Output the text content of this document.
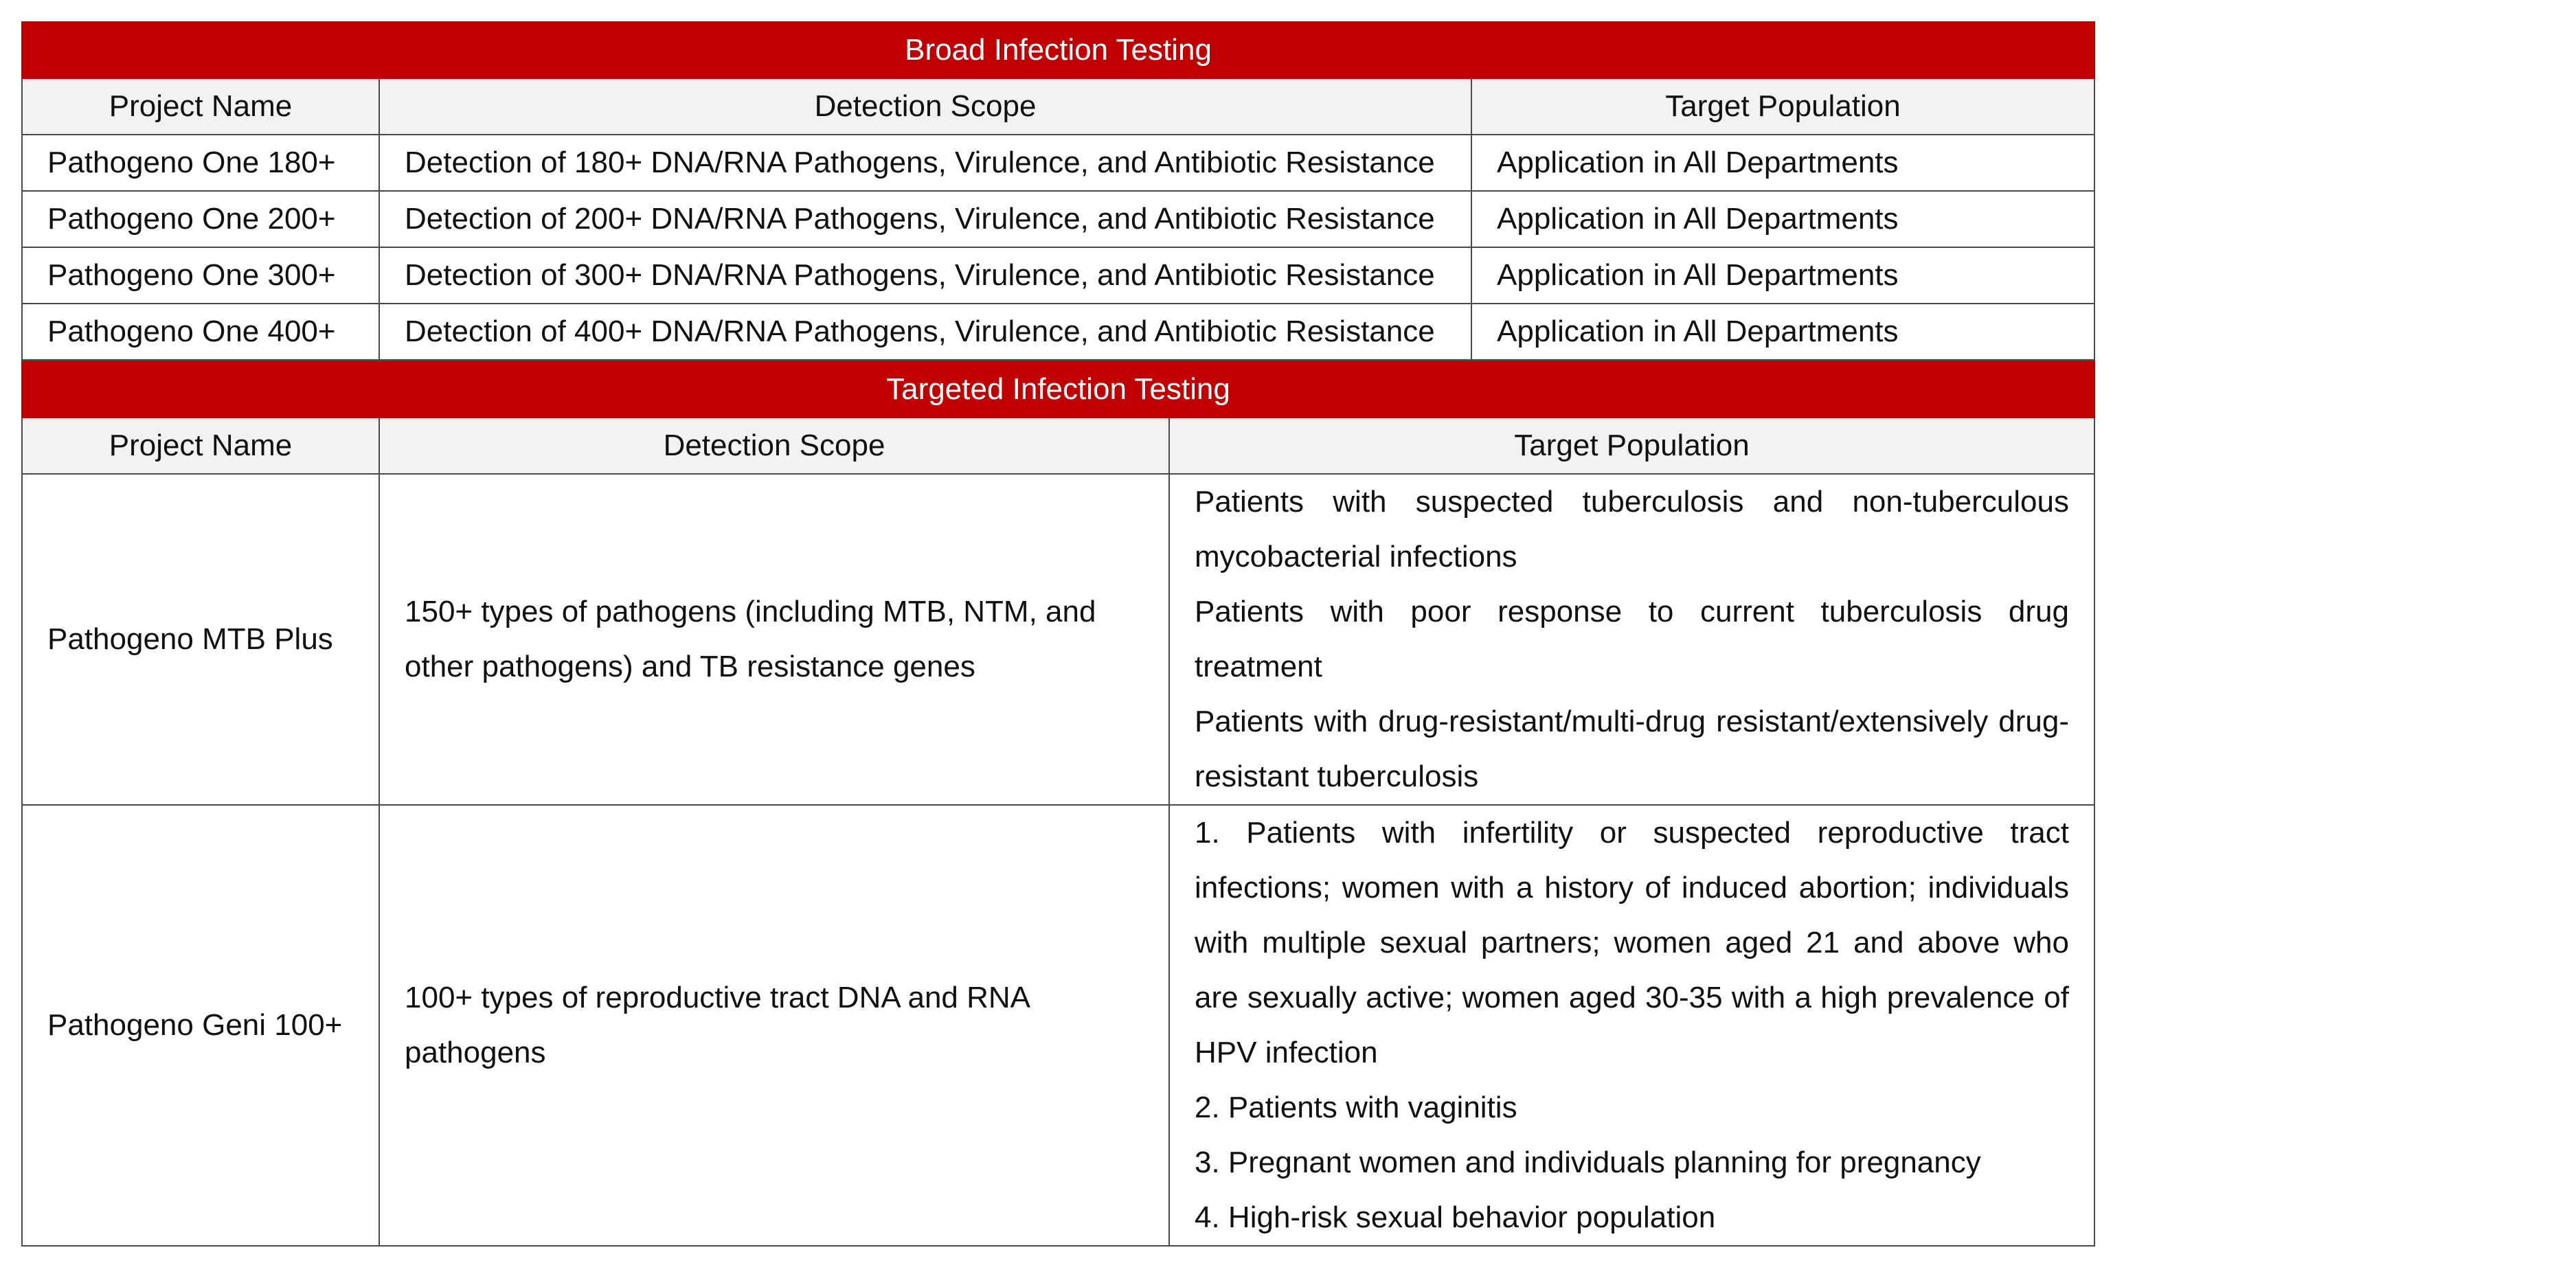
Broad Infection Testing		
Project Name	Detection Scope	Target Population
Pathogeno One 180+	Detection of 180+ DNA/RNA Pathogens, Virulence, and Antibiotic Resistance	Application in All Departments
Pathogeno One 200+	Detection of 200+ DNA/RNA Pathogens, Virulence, and Antibiotic Resistance	Application in All Departments
Pathogeno One 300+	Detection of 300+ DNA/RNA Pathogens, Virulence, and Antibiotic Resistance	Application in All Departments
Pathogeno One 400+	Detection of 400+ DNA/RNA Pathogens, Virulence, and Antibiotic Resistance	Application in All Departments
Targeted Infection Testing		
Project Name	Detection Scope	Target Population
Pathogeno MTB Plus	150+ types of pathogens (including MTB, NTM, and other pathogens) and TB resistance genes	Patients with suspected tuberculosis and non-tuberculous mycobacterial infections

Patients with poor response to current tuberculosis drug treatment

Patients with drug-resistant/multi-drug resistant/extensively drug-resistant tuberculosis

Pathogeno Geni 100+	100+ types of reproductive tract DNA and RNA pathogens	1. Patients with infertility or suspected reproductive tract infections; women with a history of induced abortion; individuals with multiple sexual partners; women aged 21 and above who are sexually active; women aged 30-35 with a high prevalence of HPV infection

2. Patients with vaginitis

3. Pregnant women and individuals planning for pregnancy

4. High-risk sexual behavior population
